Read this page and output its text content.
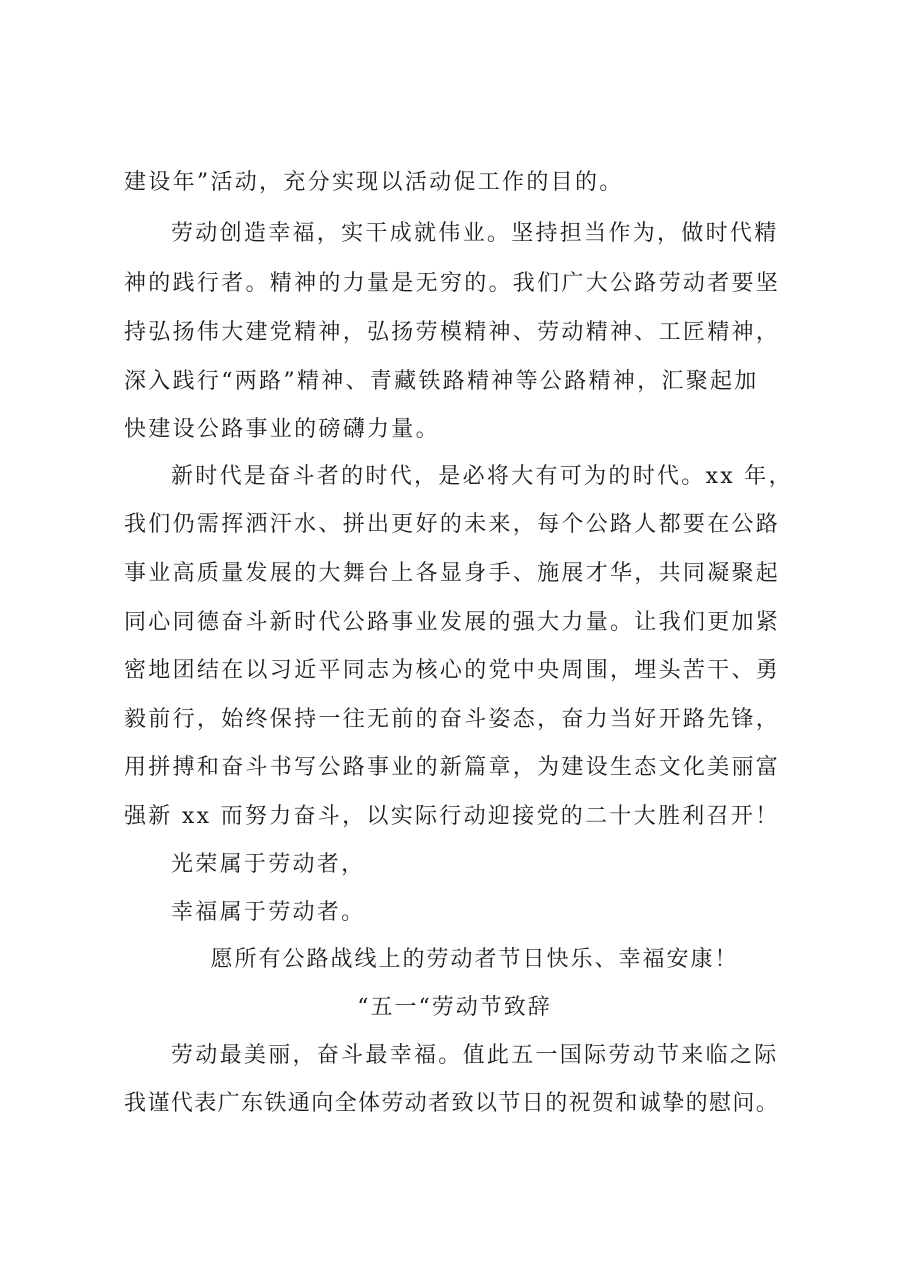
建设年”活动，充分实现以活动促工作的目的。
劳动创造幸福，实干成就伟业。坚持担当作为，做时代精
神的践行者。精神的力量是无穷的。我们广大公路劳动者要坚
持弘扬伟大建党精神，弘扬劳模精神、劳动精神、工匠精神，
深入践行“两路”精神、青藏铁路精神等公路精神，汇聚起加
快建设公路事业的磅礴力量。
新时代是奋斗者的时代，是必将大有可为的时代。xx 年，
我们仍需挥洒汗水、拼出更好的未来，每个公路人都要在公路
事业高质量发展的大舞台上各显身手、施展才华，共同凝聚起
同心同德奋斗新时代公路事业发展的强大力量。让我们更加紧
密地团结在以习近平同志为核心的党中央周围，埋头苦干、勇
毅前行，始终保持一往无前的奋斗姿态，奋力当好开路先锋，
用拼搏和奋斗书写公路事业的新篇章，为建设生态文化美丽富
强新 xx 而努力奋斗，以实际行动迎接党的二十大胜利召开！
光荣属于劳动者，
幸福属于劳动者。
愿所有公路战线上的劳动者节日快乐、幸福安康！
“五一“劳动节致辞
劳动最美丽，奋斗最幸福。值此五一国际劳动节来临之际
我谨代表广东铁通向全体劳动者致以节日的祝贺和诚挚的慰问。
